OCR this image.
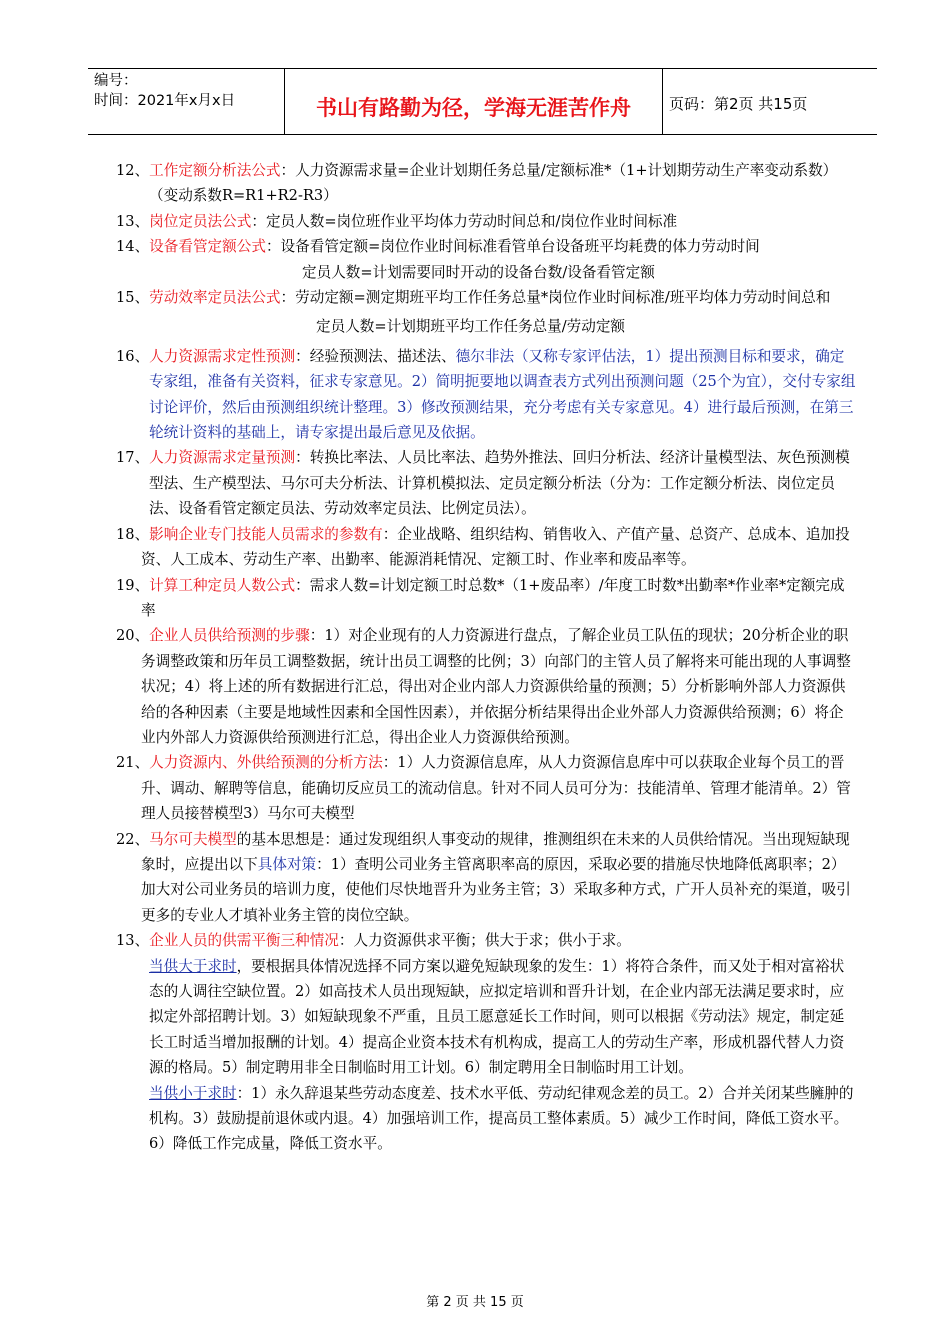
编号：
时间：2021年x月x日	书山有路勤为径，学海无涯苦作舟	页码：第2页 共15页

12、工作定额分析法公式：人力资源需求量=企业计划期任务总量/定额标准*（1+计划期劳动生产率变动系数）（变动系数R=R1+R2-R3）

13、岗位定员法公式：定员人数=岗位班作业平均体力劳动时间总和/岗位作业时间标准

14、设备看管定额公式：设备看管定额=岗位作业时间标准看管单台设备班平均耗费的体力劳动时间

定员人数=计划需要同时开动的设备台数/设备看管定额

15、劳动效率定员法公式：劳动定额=测定期班平均工作任务总量*岗位作业时间标准/班平均体力劳动时间总和

定员人数=计划期班平均工作任务总量/劳动定额

16、人力资源需求定性预测：经验预测法、描述法、德尔非法（又称专家评估法，1）提出预测目标和要求，确定专家组，准备有关资料，征求专家意见。2）简明扼要地以调查表方式列出预测问题（25个为宜），交付专家组讨论评价，然后由预测组织统计整理。3）修改预测结果，充分考虑有关专家意见。4）进行最后预测，在第三轮统计资料的基础上，请专家提出最后意见及依据。

17、人力资源需求定量预测：转换比率法、人员比率法、趋势外推法、回归分析法、经济计量模型法、灰色预测模型法、生产模型法、马尔可夫分析法、计算机模拟法、定员定额分析法（分为：工作定额分析法、岗位定员法、设备看管定额定员法、劳动效率定员法、比例定员法）。

18、影响企业专门技能人员需求的参数有：企业战略、组织结构、销售收入、产值产量、总资产、总成本、追加投资、人工成本、劳动生产率、出勤率、能源消耗情况、定额工时、作业率和废品率等。

19、计算工种定员人数公式：需求人数=计划定额工时总数*（1+废品率）/年度工时数*出勤率*作业率*定额完成率

20、企业人员供给预测的步骤：1）对企业现有的人力资源进行盘点，了解企业员工队伍的现状；20分析企业的职务调整政策和历年员工调整数据，统计出员工调整的比例；3）向部门的主管人员了解将来可能出现的人事调整状况；4）将上述的所有数据进行汇总，得出对企业内部人力资源供给量的预测；5）分析影响外部人力资源供给的各种因素（主要是地域性因素和全国性因素），并依据分析结果得出企业外部人力资源供给预测；6）将企业内外部人力资源供给预测进行汇总，得出企业人力资源供给预测。

21、人力资源内、外供给预测的分析方法：1）人力资源信息库，从人力资源信息库中可以获取企业每个员工的晋升、调动、解聘等信息，能确切反应员工的流动信息。针对不同人员可分为：技能清单、管理才能清单。2）管理人员接替模型3）马尔可夫模型

22、马尔可夫模型的基本思想是：通过发现组织人事变动的规律，推测组织在未来的人员供给情况。当出现短缺现象时，应提出以下具体对策：1）查明公司业务主管离职率高的原因，采取必要的措施尽快地降低离职率；2）加大对公司业务员的培训力度，使他们尽快地晋升为业务主管；3）采取多种方式，广开人员补充的渠道，吸引更多的专业人才填补业务主管的岗位空缺。

13、企业人员的供需平衡三种情况：人力资源供求平衡；供大于求；供小于求。

当供大于求时，要根据具体情况选择不同方案以避免短缺现象的发生：1）将符合条件，而又处于相对富裕状态的人调往空缺位置。2）如高技术人员出现短缺，应拟定培训和晋升计划，在企业内部无法满足要求时，应拟定外部招聘计划。3）如短缺现象不严重，且员工愿意延长工作时间，则可以根据《劳动法》规定，制定延长工时适当增加报酬的计划。4）提高企业资本技术有机构成，提高工人的劳动生产率，形成机器代替人力资源的格局。5）制定聘用非全日制临时用工计划。6）制定聘用全日制临时用工计划。

当供小于求时：1）永久辞退某些劳动态度差、技术水平低、劳动纪律观念差的员工。2）合并关闭某些臃肿的机构。3）鼓励提前退休或内退。4）加强培训工作，提高员工整体素质。5）减少工作时间，降低工资水平。6）降低工作完成量，降低工资水平。

第 2 页 共 15 页
